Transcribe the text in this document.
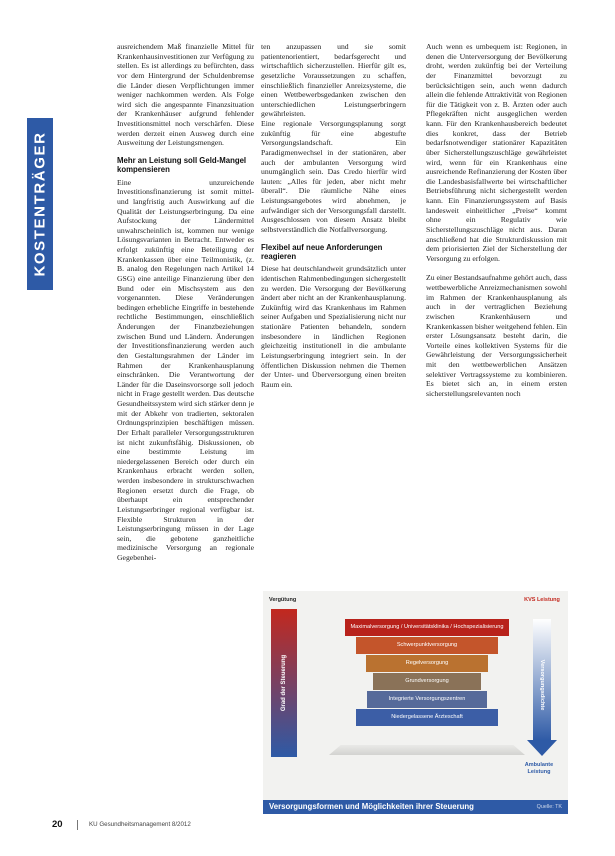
KOSTENTRÄGER

ausreichendem Maß finanzielle Mittel für Krankenhausinvestitionen zur Verfügung zu stellen. Es ist allerdings zu befürchten, dass vor dem Hintergrund der Schuldenbremse die Länder diesen Verpflichtungen immer weniger nachkommen werden. Als Folge wird sich die angespannte Finanzsituation der Krankenhäuser aufgrund fehlender Investitionsmittel noch verschärfen. Diese werden derzeit einen Ausweg durch eine Ausweitung der Leistungsmengen.

Mehr an Leistung soll Geld-Mangel kompensieren

Eine unzureichende Investitionsfinanzierung ist somit mittel- und langfristig auch Auswirkung auf die Qualität der Leistungserbringung. Da eine Aufstockung der Ländermittel unwahrscheinlich ist, kommen nur wenige Lösungsvarianten in Betracht. Entweder es erfolgt zukünftig eine Beteiligung der Krankenkassen über eine Teilmonistik, (z. B. analog den Regelungen nach Artikel 14 GSG) eine anteilige Finanzierung über den Bund oder ein Mischsystem aus den vorgenannten. Diese Veränderungen bedingen erhebliche Eingriffe in bestehende rechtliche Bestimmungen, einschließlich Änderungen der Finanzbeziehungen zwischen Bund und Ländern. Änderungen der Investitionsfinanzierung werden auch den Gestaltungsrahmen der Länder im Rahmen der Krankenhausplanung einschränken. Die Verantwortung der Länder für die Daseinsvorsorge soll jedoch nicht in Frage gestellt werden. Das deutsche Gesundheitssystem wird sich stärker denn je mit der Abkehr von tradierten, sektoralen Ordnungsprinzipien beschäftigen müssen. Der Erhalt paralleler Versorgungsstrukturen ist nicht zukunftsfähig. Diskussionen, ob eine bestimmte Leistung im niedergelassenen Bereich oder durch ein Krankenhaus erbracht werden sollen, werden insbesondere in strukturschwachen Regionen ersetzt durch die Frage, ob überhaupt ein entsprechender Leistungserbringer regional verfügbar ist. Flexible Strukturen in der Leistungserbringung müssen in der Lage sein, die gebotene ganzheitliche medizinische Versorgung an regionale Gegebenhei-

ten anzupassen und sie somit patientenorientiert, bedarfsgerecht und wirtschaftlich sicherzustellen. Hierfür gilt es, gesetzliche Voraussetzungen zu schaffen, einschließlich finanzieller Anreizsysteme, die einen Wettbewerbsgedanken zwischen den unterschiedlichen Leistungserbringern gewährleisten.

Eine regionale Versorgungsplanung sorgt zukünftig für eine abgestufte Versorgungslandschaft. Ein Paradigmenwechsel in der stationären, aber auch der ambulanten Versorgung wird unumgänglich sein. Das Credo hierfür wird lauten: „Alles für jeden, aber nicht mehr überall“. Die räumliche Nähe eines Leistungsangebotes wird abnehmen, je aufwändiger sich der Versorgungsfall darstellt. Ausgeschlossen von diesem Ansatz bleibt selbstverständlich die Notfallversorgung.

Flexibel auf neue Anforderungen reagieren

Diese hat deutschlandweit grundsätzlich unter identischen Rahmenbedingungen sichergestellt zu werden. Die Versorgung der Bevölkerung ändert aber nicht an der Krankenhausplanung. Zukünftig wird das Krankenhaus im Rahmen seiner Aufgaben und Spezialisierung nicht nur stationäre Patienten behandeln, sondern insbesondere in ländlichen Regionen gleichzeitig institutionell in die ambulante Leistungserbringung integriert sein. In der öffentlichen Diskussion nehmen die Themen der Unter- und Überversorgung einen breiten Raum ein.

Auch wenn es umbequem ist: Regionen, in denen die Unterversorgung der Bevölkerung droht, werden zukünftig bei der Verteilung der Finanzmittel bevorzugt zu berücksichtigen sein, auch wenn dadurch allein die fehlende Attraktivität von Regionen für die Tätigkeit von z. B. Ärzten oder auch Pflegekräften nicht ausgeglichen werden kann. Für den Krankenhausbereich bedeutet dies konkret, dass der Betrieb bedarfsnotwendiger stationärer Kapazitäten über Sicherstellungszuschläge gewährleistet wird, wenn für ein Krankenhaus eine ausreichende Refinanzierung der Kosten über die Landesbasisfallwerte bei wirtschaftlicher Betriebsführung nicht sichergestellt werden kann. Ein Finanzierungssystem auf Basis landesweit einheitlicher „Preise“ kommt ohne ein Regulativ wie Sicherstellungszuschläge nicht aus. Daran anschließend hat die Strukturdiskussion mit dem priorisierten Ziel der Sicherstellung der Versorgung zu erfolgen.

Zu einer Bestandsaufnahme gehört auch, dass wettbewerbliche Anreizmechanismen sowohl im Rahmen der Krankenhausplanung als auch in der vertraglichen Beziehung zwischen Krankenhäusern und Krankenkassen bisher weitgehend fehlen. Ein erster Lösungsansatz besteht darin, die Vorteile eines kollektiven Systems für die Gewährleistung der Versorgungssicherheit mit den wettbewerblichen Ansätzen selektiver Vertragssysteme zu kombinieren. Es bietet sich an, in einem ersten sicherstellungsrelevanten noch

Vergütung	KVS Leistung
Grad der Steuerung
Maximalversorgung / Universitätsklinika / Hochspezialisierung
Schwerpunktversorgung
Regelversorgung
Grundversorgung
Integrierte Versorgungszentren
Niedergelassene Ärzteschaft
Versorgungsdichte
Ambulante Leistung
Versorgungsformen und Möglichkeiten ihrer Steuerung	Quelle: TK
20	KU Gesundheitsmanagement 8/2012
